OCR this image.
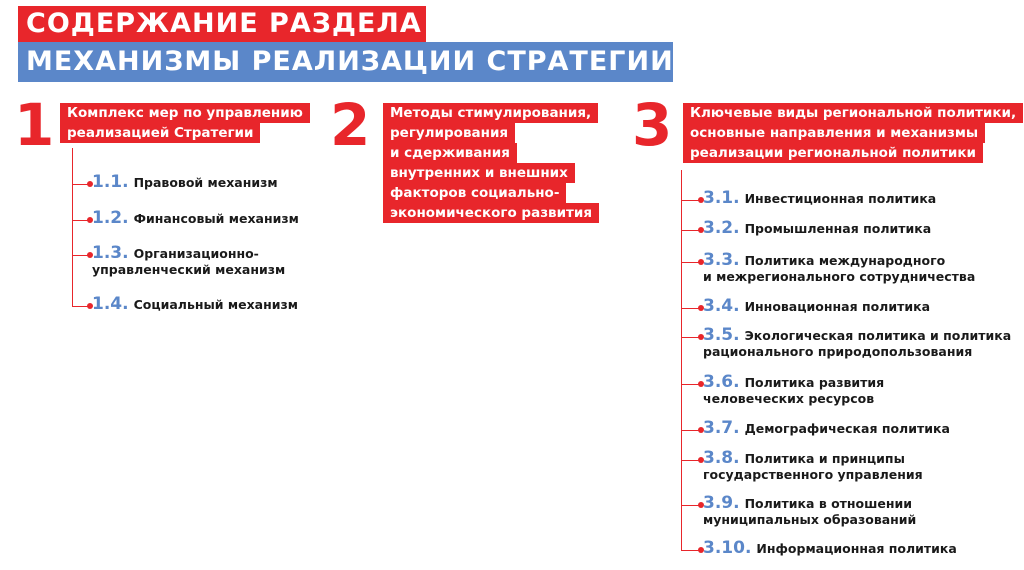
СОДЕРЖАНИЕ РАЗДЕЛА
МЕХАНИЗМЫ РЕАЛИЗАЦИИ СТРАТЕГИИ
1 Комплекс мер по управлению
реализацией Стратегии
1.1. Правовой механизм
1.2. Финансовый механизм
1.3. Организационно-
управленческий механизм
1.4. Социальный механизм
2	Методы стимулирования,
регулирования
и сдерживания
внутренних и внешних
факторов социально-
экономического развития
3	Ключевые виды региональной политики,
основные направления и механизмы
реализации региональной политики
3.1. Инвестиционная политика
3.2. Промышленная политика
3.3. Политика международного
и межрегионального сотрудничества
3.4. Инновационная политика
3.5. Экологическая политика и политика
рационального природопользования
3.6. Политика развития
человеческих ресурсов
3.7. Демографическая политика
3.8. Политика и принципы
государственного управления
3.9. Политика в отношении
муниципальных образований
3.10. Информационная политика
